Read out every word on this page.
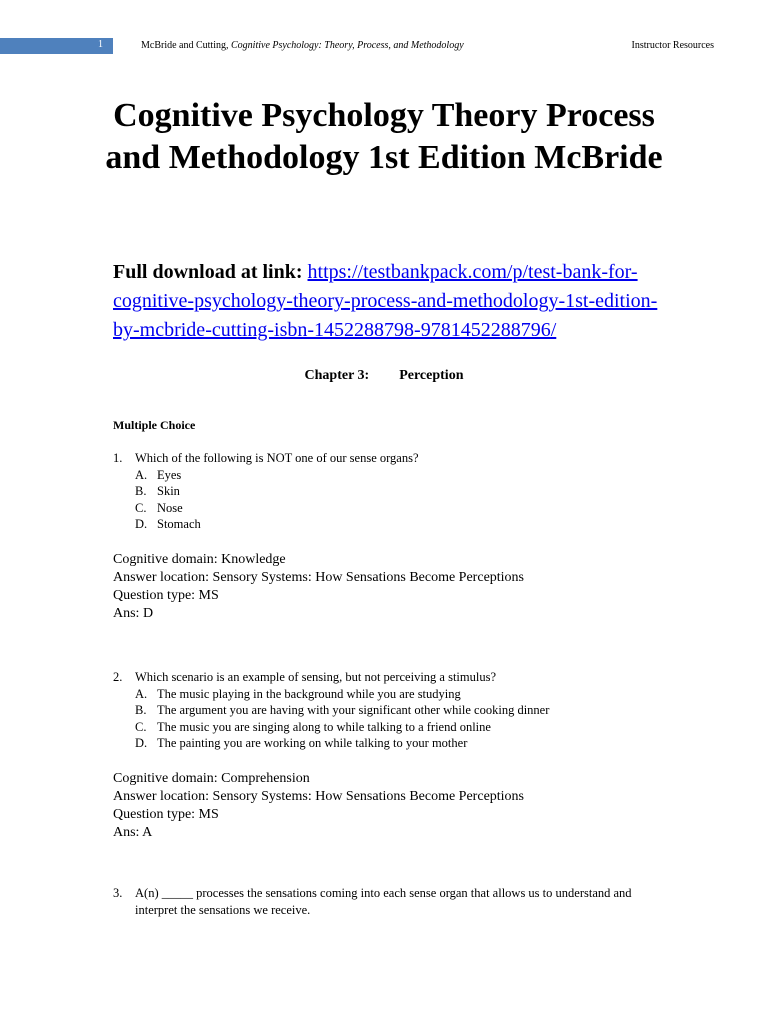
1	McBride and Cutting, Cognitive Psychology: Theory, Process, and Methodology	Instructor Resources
Cognitive Psychology Theory Process and Methodology 1st Edition McBride
Full download at link: https://testbankpack.com/p/test-bank-for-cognitive-psychology-theory-process-and-methodology-1st-edition-by-mcbride-cutting-isbn-1452288798-9781452288796/
Chapter 3: Perception
Multiple Choice
1. Which of the following is NOT one of our sense organs?
A. Eyes
B. Skin
C. Nose
D. Stomach
Cognitive domain: Knowledge
Answer location: Sensory Systems: How Sensations Become Perceptions
Question type: MS
Ans: D
2. Which scenario is an example of sensing, but not perceiving a stimulus?
A. The music playing in the background while you are studying
B. The argument you are having with your significant other while cooking dinner
C. The music you are singing along to while talking to a friend online
D. The painting you are working on while talking to your mother
Cognitive domain: Comprehension
Answer location: Sensory Systems: How Sensations Become Perceptions
Question type: MS
Ans: A
3. A(n) _____ processes the sensations coming into each sense organ that allows us to understand and interpret the sensations we receive.
